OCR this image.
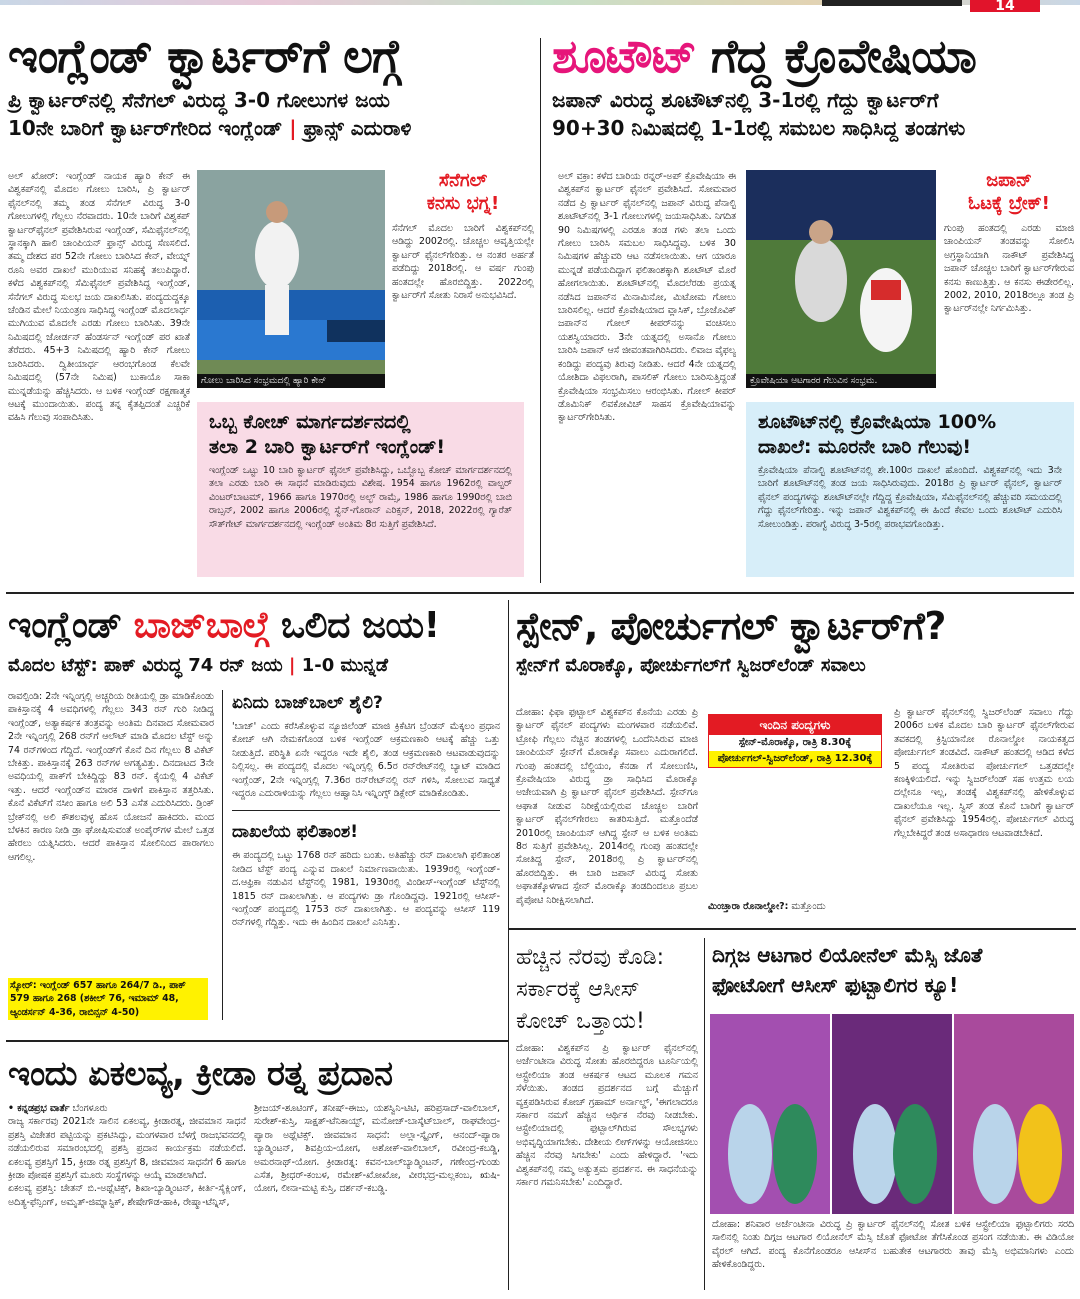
14
ಇಂಗ್ಲೆಂಡ್ ಕ್ವಾರ್ಟರ್‌ಗೆ ಲಗ್ಗೆ
ಪ್ರಿ ಕ್ವಾರ್ಟರ್‌ನಲ್ಲಿ ಸೆನೆಗಲ್ ವಿರುದ್ಧ 3-0 ಗೋಲುಗಳ ಜಯ
10ನೇ ಬಾರಿಗೆ ಕ್ವಾರ್ಟರ್‌ಗೇರಿದ ಇಂಗ್ಲೆಂಡ್ | ಫ್ರಾನ್ಸ್ ಎದುರಾಳಿ

ಅಲ್ ಖೋರ್: ಇಂಗ್ಲೆಂಡ್ ನಾಯಕ ಹ್ಯಾರಿ ಕೇನ್ ಈ ವಿಶ್ವಕಪ್‌ನಲ್ಲಿ ಮೊದಲ ಗೋಲು ಬಾರಿಸಿ, ಪ್ರಿ ಕ್ವಾರ್ಟರ್ ಫೈನಲ್‌ನಲ್ಲಿ ತಮ್ಮ ತಂಡ ಸೆನೆಗಲ್ ವಿರುದ್ಧ 3-0 ಗೋಲುಗಳಲ್ಲಿ ಗೆಲ್ಲಲು ನೆರವಾದರು. 10ನೇ ಬಾರಿಗೆ ವಿಶ್ವಕಪ್ ಕ್ವಾರ್ಟರ್‌ಫೈನಲ್ ಪ್ರವೇಶಿಸಿರುವ ಇಂಗ್ಲೆಂಡ್, ಸೆಮಿಫೈನಲ್‌ನಲ್ಲಿ ಸ್ಥಾನಕ್ಕಾಗಿ ಹಾಲಿ ಚಾಂಪಿಯನ್ ಫ್ರಾನ್ಸ್ ವಿರುದ್ಧ ಸೆಣಸಲಿದೆ. ತಮ್ಮ ದೇಶದ ಪರ 52ನೇ ಗೋಲು ಬಾರಿಸಿದ ಕೇನ್, ವೇಯ್ನ್ ರೂನಿ ಅವರ ದಾಖಲೆ ಮುರಿಯುವ ಸನಿಹಕ್ಕೆ ತಲುಪಿದ್ದಾರೆ. ಕಳೆದ ವಿಶ್ವಕಪ್‌ನಲ್ಲಿ ಸೆಮಿಫೈನಲ್ ಪ್ರವೇಶಿಸಿದ್ದ ಇಂಗ್ಲೆಂಡ್, ಸೆನೆಗಲ್ ವಿರುದ್ಧ ಸುಲಭ ಜಯ ದಾಖಲಿಸಿತು. ಪಂದ್ಯದುದ್ದಕ್ಕೂ ಚೆಂಡಿನ ಮೇಲೆ ನಿಯಂತ್ರಣ ಸಾಧಿಸಿದ್ದ ಇಂಗ್ಲೆಂಡ್ ಮೊದಲಾರ್ಧ ಮುಗಿಯುವ ಮೊದಲೇ ಎರಡು ಗೋಲು ಬಾರಿಸಿತು. 39ನೇ ನಿಮಿಷದಲ್ಲಿ ಜೋರ್ಡನ್ ಹೆಂಡರ್ಸನ್ ಇಂಗ್ಲೆಂಡ್ ಪರ ಖಾತೆ ತೆರೆದರು. 45+3 ನಿಮಿಷದಲ್ಲಿ ಹ್ಯಾರಿ ಕೇನ್ ಗೋಲು ಬಾರಿಸಿದರು. ದ್ವಿತೀಯಾರ್ಧ ಆರಂಭಗೊಂಡ ಕೆಲವೇ ನಿಮಿಷದಲ್ಲಿ (57ನೇ ನಿಮಿಷ) ಬುಕಾಯೊ ಸಾಕಾ ಮುನ್ನಡೆಯನ್ನು ಹೆಚ್ಚಿಸಿದರು. ಆ ಬಳಿಕ ಇಂಗ್ಲೆಂಡ್ ರಕ್ಷಣಾತ್ಮಕ ಆಟಕ್ಕೆ ಮುಂದಾಯಿತು. ಪಂದ್ಯ ತನ್ನ ಕೈತಪ್ಪಿದಂತೆ ಎಚ್ಚರಿಕೆ ವಹಿಸಿ ಗೆಲುವು ಸಂಪಾದಿಸಿತು.

ಗೋಲು ಬಾರಿಸಿದ ಸಂಭ್ರಮದಲ್ಲಿ ಹ್ಯಾರಿ ಕೇನ್
ಸೆನೆಗಲ್
ಕನಸು ಭಗ್ನ!

ಸೆನೆಗಲ್ ಮೊದಲ ಬಾರಿಗೆ ವಿಶ್ವಕಪ್‌ನಲ್ಲಿ ಆಡಿದ್ದು 2002ರಲ್ಲಿ. ಚೊಚ್ಚಲ ಆವೃತ್ತಿಯಲ್ಲೇ ಕ್ವಾರ್ಟರ್ ಫೈನಲ್‌ಗೇರಿತ್ತು. ಆ ನಂತರ ಅರ್ಹತೆ ಪಡೆದಿದ್ದು 2018ರಲ್ಲಿ. ಆ ವರ್ಷ ಗುಂಪು ಹಂತದಲ್ಲೇ ಹೊರಬಿದ್ದಿತ್ತು. 2022ರಲ್ಲಿ ಕ್ವಾರ್ಟರ್‌ಗೆ ಸೋತು ನಿರಾಸೆ ಅನುಭವಿಸಿದೆ.

ಒಬ್ಬ ಕೋಚ್ ಮಾರ್ಗದರ್ಶನದಲ್ಲಿ
ತಲಾ 2 ಬಾರಿ ಕ್ವಾರ್ಟರ್‌ಗೆ ಇಂಗ್ಲೆಂಡ್!

ಇಂಗ್ಲೆಂಡ್ ಒಟ್ಟು 10 ಬಾರಿ ಕ್ವಾರ್ಟರ್ ಫೈನಲ್ ಪ್ರವೇಶಿಸಿದ್ದು, ಒಬ್ಬೊಬ್ಬ ಕೋಚ್ ಮಾರ್ಗದರ್ಶನದಲ್ಲಿ ತಲಾ ಎರಡು ಬಾರಿ ಈ ಸಾಧನೆ ಮಾಡಿರುವುದು ವಿಶೇಷ. 1954 ಹಾಗೂ 1962ರಲ್ಲಿ ವಾಲ್ಟರ್ ವಿಂಟರ್‌ಬಾಟಮ್, 1966 ಹಾಗೂ 1970ರಲ್ಲಿ ಅಲ್ಫ್ ರಾಮ್ಸೆ, 1986 ಹಾಗೂ 1990ರಲ್ಲಿ ಬಾಬಿ ರಾಬ್ಸನ್, 2002 ಹಾಗೂ 2006ರಲ್ಲಿ ಸ್ವೆನ್-ಗೊರಾನ್ ಎರಿಕ್ಸನ್, 2018, 2022ರಲ್ಲಿ ಗ್ಯಾರೆತ್ ಸೌತ್‌ಗೇಟ್ ಮಾರ್ಗದರ್ಶನದಲ್ಲಿ ಇಂಗ್ಲೆಂಡ್ ಅಂತಿಮ 8ರ ಸುತ್ತಿಗೆ ಪ್ರವೇಶಿಸಿದೆ.

ಶೂಟೌಟ್ ಗೆದ್ದ ಕ್ರೊವೇಷಿಯಾ
ಜಪಾನ್ ವಿರುದ್ಧ ಶೂಟೌಟ್‌ನಲ್ಲಿ 3-1ರಲ್ಲಿ ಗೆದ್ದು ಕ್ವಾರ್ಟರ್‌ಗೆ
90+30 ನಿಮಿಷದಲ್ಲಿ 1-1ರಲ್ಲಿ ಸಮಬಲ ಸಾಧಿಸಿದ್ದ ತಂಡಗಳು

ಅಲ್ ವಕ್ರಾ: ಕಳೆದ ಬಾರಿಯ ರನ್ನರ್-ಅಪ್ ಕ್ರೊವೇಷಿಯಾ ಈ ವಿಶ್ವಕಪ್‌ನ ಕ್ವಾರ್ಟರ್ ಫೈನಲ್ ಪ್ರವೇಶಿಸಿದೆ. ಸೋಮವಾರ ನಡೆದ ಪ್ರಿ ಕ್ವಾರ್ಟರ್ ಫೈನಲ್‌ನಲ್ಲಿ ಜಪಾನ್ ವಿರುದ್ಧ ಪೆನಾಲ್ಟಿ ಶೂಟೌಟ್‌ನಲ್ಲಿ 3-1 ಗೋಲುಗಳಲ್ಲಿ ಜಯಸಾಧಿಸಿತು. ನಿಗದಿತ 90 ನಿಮಿಷಗಳಲ್ಲಿ ಎರಡೂ ತಂಡ ಗಳು ತಲಾ ಒಂದು ಗೋಲು ಬಾರಿಸಿ ಸಮಬಲ ಸಾಧಿಸಿದ್ದವು. ಬಳಿಕ 30 ನಿಮಿಷಗಳ ಹೆಚ್ಚುವರಿ ಆಟ ನಡೆಸಲಾಯಿತು. ಆಗ ಯಾರೂ ಮುನ್ನಡೆ ಪಡೆಯದಿದ್ದಾಗ ಫಲಿತಾಂಶಕ್ಕಾಗಿ ಶೂಟೌಟ್ ಮೊರೆ ಹೋಗಲಾಯಿತು. ಶೂಟೌಟ್‌ನಲ್ಲಿ ಮೊದಲೆರಡು ಪ್ರಯತ್ನ ನಡೆಸಿದ ಜಪಾನ್‌ನ ಮಿನಾಮಿನೋ, ಮಿಟೋಮ ಗೋಲು ಬಾರಿಸಲಿಲ್ಲ. ಆದರೆ ಕ್ರೊವೇಷಿಯಾದ ವ್ಲಾಸಿಕ್, ಬ್ರೊಜೊವಿಕ್ ಜಪಾನ್‌ನ ಗೋಲ್ ಕೀಪರ್‌ನನ್ನು ವಂಚಿಸಲು ಯಶಸ್ವಿಯಾದರು. 3ನೇ ಯತ್ನದಲ್ಲಿ ಅಸಾನೊ ಗೋಲು ಬಾರಿಸಿ ಜಪಾನ್ ಆಸೆ ಜೀವಂತವಾಗಿರಿಸಿದರು. ಲಿವಾಜ ವೈಫಲ್ಯ ಕಂಡಿದ್ದು ಪಂದ್ಯವು ತಿರುವು ನೀಡಿತು. ಆದರೆ 4ನೇ ಯತ್ನದಲ್ಲಿ ಯೋಶಿದಾ ವಿಫಲರಾಗಿ, ಪಾಸಲಿಕ್ ಗೋಲು ಬಾರಿಸುತ್ತಿದ್ದಂತೆ ಕ್ರೊವೇಷಿಯಾ ಸಂಭ್ರಮಿಸಲು ಆರಂಭಿಸಿತು. ಗೋಲ್ ಕೀಪರ್ ಡೊಮಿನಿಕ್ ಲಿವಕೋವಿಚ್ ಸಾಹಸ ಕ್ರೊವೇಷಿಯಾವನ್ನು ಕ್ವಾರ್ಟರ್‌ಗೇರಿಸಿತು.

ಕ್ರೊವೇಷಿಯಾ ಆಟಗಾರರ ಗೆಲುವಿನ ಸಂಭ್ರಮ.
ಜಪಾನ್
ಓಟಕ್ಕೆ ಬ್ರೇಕ್!

ಗುಂಪು ಹಂತದಲ್ಲಿ ಎರಡು ಮಾಜಿ ಚಾಂಪಿಯನ್ ತಂಡವನ್ನು ಸೋಲಿಸಿ ಅಗ್ರಸ್ಥಾನಿಯಾಗಿ ನಾಕೌಟ್ ಪ್ರವೇಶಿಸಿದ್ದ ಜಪಾನ್ ಚೊಚ್ಚಲ ಬಾರಿಗೆ ಕ್ವಾರ್ಟರ್‌ಗೇರುವ ಕನಸು ಕಾಣುತ್ತಿತ್ತು. ಆ ಕನಸು ಈಡೇರಲಿಲ್ಲ. 2002, 2010, 2018ರಲ್ಲೂ ತಂಡ ಪ್ರಿ ಕ್ವಾರ್ಟರ್‌ನಲ್ಲೇ ನಿರ್ಗಮಿಸಿತ್ತು.

ಶೂಟೌಟ್‌ನಲ್ಲಿ ಕ್ರೊವೇಷಿಯಾ 100%
ದಾಖಲೆ: ಮೂರನೇ ಬಾರಿ ಗೆಲುವು!

ಕ್ರೊವೇಷಿಯಾ ಪೆನಾಲ್ಟಿ ಶೂಟೌಟ್‌ನಲ್ಲಿ ಶೇ.100ರ ದಾಖಲೆ ಹೊಂದಿದೆ. ವಿಶ್ವಕಪ್‌ನಲ್ಲಿ ಇದು 3ನೇ ಬಾರಿಗೆ ಶೂಟೌಟ್‌ನಲ್ಲಿ ತಂಡ ಜಯ ಸಾಧಿಸಿರುವುದು. 2018ರ ಪ್ರಿ ಕ್ವಾರ್ಟರ್ ಫೈನಲ್, ಕ್ವಾರ್ಟರ್ ಫೈನಲ್ ಪಂದ್ಯಗಳನ್ನು ಶೂಟೌಟ್‌ನಲ್ಲೇ ಗೆದ್ದಿದ್ದ ಕ್ರೊವೇಷಿಯಾ, ಸೆಮಿಫೈನಲ್‌ನಲ್ಲಿ ಹೆಚ್ಚುವರಿ ಸಮಯದಲ್ಲಿ ಗೆದ್ದು ಫೈನಲ್‌ಗೇರಿತ್ತು. ಇನ್ನು ಜಪಾನ್ ವಿಶ್ವಕಪ್‌ನಲ್ಲಿ ಈ ಹಿಂದೆ ಕೇವಲ ಒಂದು ಶೂಟೌಟ್ ಎದುರಿಸಿ ಸೋಲುಂಡಿತ್ತು. ಪರಾಗ್ವೆ ವಿರುದ್ಧ 3-5ರಲ್ಲಿ ಪರಾಭವಗೊಂಡಿತ್ತು.

ಇಂಗ್ಲೆಂಡ್ ಬಾಜ್‌ಬಾಲ್ಗೆ ಒಲಿದ ಜಯ!
ಮೊದಲ ಟೆಸ್ಟ್: ಪಾಕ್ ವಿರುದ್ಧ 74 ರನ್ ಜಯ | 1-0 ಮುನ್ನಡೆ

ರಾವಲ್ಪಿಂಡಿ: 2ನೇ ಇನ್ನಿಂಗ್ಸಲ್ಲಿ ಅಚ್ಚರಿಯ ರೀತಿಯಲ್ಲಿ ಡ್ರಾ ಮಾಡಿಕೊಂಡು ಪಾಕಿಸ್ತಾನಕ್ಕೆ 4 ಅವಧಿಗಳಲ್ಲಿ ಗೆಲ್ಲಲು 343 ರನ್ ಗುರಿ ನೀಡಿದ್ದ ಇಂಗ್ಲೆಂಡ್, ಅತ್ಯಾಕರ್ಷಕ ತಂತ್ರವನ್ನು ಅಂತಿಮ ದಿನವಾದ ಸೋಮವಾರ 2ನೇ ಇನ್ನಿಂಗ್ಸಲ್ಲಿ 268 ರನ್‌ಗೆ ಆಲೌಟ್ ಮಾಡಿ ಮೊದಲ ಟೆಸ್ಟ್ ಅನ್ನು 74 ರನ್‌ಗಳಿಂದ ಗೆದ್ದಿದೆ. ಇಂಗ್ಲೆಂಡ್‌ಗೆ ಕೊನೆ ದಿನ ಗೆಲ್ಲಲು 8 ವಿಕೆಟ್ ಬೇಕಿತ್ತು. ಪಾಕಿಸ್ತಾನಕ್ಕೆ 263 ರನ್‌ಗಳ ಅಗತ್ಯವಿತ್ತು. ದಿನದಾಟದ 3ನೇ ಅವಧಿಯಲ್ಲಿ ಪಾಕ್‌ಗೆ ಬೇಕಿದ್ದಿದ್ದು 83 ರನ್. ಕೈಯಲ್ಲಿ 4 ವಿಕೆಟ್ ಇತ್ತು. ಆದರೆ ಇಂಗ್ಲೆಂಡ್‌ನ ಮಾರಕ ದಾಳಿಗೆ ಪಾಕಿಸ್ತಾನ ತತ್ತರಿಸಿತು. ಕೊನೆ ವಿಕೆಟ್‌ಗೆ ನಸೀಂ ಹಾಗೂ ಅಲಿ 53 ಎಸೆತ ಎದುರಿಸಿದರು. ಡ್ರಿಂಕ್ ಬ್ರೇಕ್‌ನಲ್ಲಿ ಅಲಿ ಕೌಶಲವುಳ್ಳ ಹೊಸ ಯೋಜನೆ ಹಾಕಿದರು. ಮಂದ ಬೆಳಕಿನ ಕಾರಣ ನೀಡಿ ಡ್ರಾ ಘೋಷಿಸುವಂತೆ ಅಂಪೈರ್‌ಗಳ ಮೇಲೆ ಒತ್ತಡ ಹೇರಲು ಯತ್ನಿಸಿದರು. ಆದರೆ ಪಾಕಿಸ್ತಾನ ಸೋಲಿನಿಂದ ಪಾರಾಗಲು ಆಗಲಿಲ್ಲ.

ಸ್ಕೋರ್: ಇಂಗ್ಲೆಂಡ್ 657 ಹಾಗೂ 264/7 ಡಿ., ಪಾಕ್ 579 ಹಾಗೂ 268 (ಶಕೀಲ್ 76, ಇಮಾಮ್ 48, ಆ್ಯಂಡರ್ಸನ್ 4-36, ರಾಬಿನ್ಸನ್ 4-50)
ಏನಿದು ಬಾಜ್‌ಬಾಲ್ ಶೈಲಿ?

'ಬಾಜ್' ಎಂದು ಕರೆಸಿಕೊಳ್ಳುವ ನ್ಯೂಜಿಲೆಂಡ್ ಮಾಜಿ ಕ್ರಿಕೆಟಿಗ ಬ್ರೆಂಡನ್ ಮೆಕ್ಕಲಂ ಪ್ರಧಾನ ಕೋಚ್ ಆಗಿ ನೇಮಕಗೊಂಡ ಬಳಿಕ ಇಂಗ್ಲೆಂಡ್ ಆಕ್ರಮಣಕಾರಿ ಆಟಕ್ಕೆ ಹೆಚ್ಚು ಒತ್ತು ನೀಡುತ್ತಿದೆ. ಪರಿಸ್ಥಿತಿ ಏನೇ ಇದ್ದರೂ ಇದೇ ಶೈಲಿ, ತಂಡ ಆಕ್ರಮಣಕಾರಿ ಆಟವಾಡುವುದನ್ನು ನಿಲ್ಲಿಸಲ್ಲ. ಈ ಪಂದ್ಯದಲ್ಲಿ ಮೊದಲ ಇನ್ನಿಂಗ್ಸಲ್ಲಿ 6.5ರ ರನ್‌ರೇಟ್‌ನಲ್ಲಿ ಬ್ಯಾಟ್ ಮಾಡಿದ ಇಂಗ್ಲೆಂಡ್, 2ನೇ ಇನ್ನಿಂಗ್ಸಲ್ಲಿ 7.36ರ ರನ್‌ರೇಟ್‌ನಲ್ಲಿ ರನ್ ಗಳಿಸಿ, ಸೋಲುವ ಸಾಧ್ಯತೆ ಇದ್ದರೂ ಎದುರಾಳಿಯನ್ನು ಗೆಲ್ಲಲು ಆಹ್ವಾನಿಸಿ ಇನ್ನಿಂಗ್ಸ್ ಡಿಕ್ಲೇರ್ ಮಾಡಿಕೊಂಡಿತು.

ದಾಖಲೆಯ ಫಲಿತಾಂಶ!

ಈ ಪಂದ್ಯದಲ್ಲಿ ಒಟ್ಟು 1768 ರನ್ ಹರಿದು ಬಂತು. ಅತಿಹೆಚ್ಚು ರನ್ ದಾಖಲಾಗಿ ಫಲಿತಾಂಶ ನೀಡಿದ ಟೆಸ್ಟ್ ಪಂದ್ಯ ಎನ್ನುವ ದಾಖಲೆ ನಿರ್ಮಾಣವಾಯಿತು. 1939ರಲ್ಲಿ ಇಂಗ್ಲೆಂಡ್-ದ.ಆಫ್ರಿಕಾ ನಡುವಿನ ಟೆಸ್ಟ್‌ನಲ್ಲಿ 1981, 1930ರಲ್ಲಿ ವಿಂಡೀಸ್-ಇಂಗ್ಲೆಂಡ್ ಟೆಸ್ಟ್‌ನಲ್ಲಿ 1815 ರನ್ ದಾಖಲಾಗಿತ್ತು. ಆ ಪಂದ್ಯಗಳು ಡ್ರಾ ಗೊಂಡಿದ್ದವು. 1921ರಲ್ಲಿ ಆಸೀಸ್-ಇಂಗ್ಲೆಂಡ್ ಪಂದ್ಯದಲ್ಲಿ 1753 ರನ್ ದಾಖಲಾಗಿತ್ತು. ಆ ಪಂದ್ಯವನ್ನು ಆಸೀಸ್ 119 ರನ್‌ಗಳಲ್ಲಿ ಗೆದ್ದಿತ್ತು. ಇದು ಈ ಹಿಂದಿನ ದಾಖಲೆ ಎನಿಸಿತ್ತು.

ಸ್ಪೇನ್, ಪೋರ್ಚುಗಲ್ ಕ್ವಾರ್ಟರ್‌ಗೆ?
ಸ್ಪೇನ್‌ಗೆ ಮೊರಾಕ್ಕೊ, ಪೋರ್ಚುಗಲ್‌ಗೆ ಸ್ವಿಜರ್‌ಲೆಂಡ್ ಸವಾಲು

ದೋಹಾ: ಫಿಫಾ ಫುಟ್ಬಾಲ್ ವಿಶ್ವಕಪ್‌ನ ಕೊನೆಯ ಎರಡು ಪ್ರಿ ಕ್ವಾರ್ಟರ್ ಫೈನಲ್ ಪಂದ್ಯಗಳು ಮಂಗಳವಾರ ನಡೆಯಲಿವೆ. ಟ್ರೋಫಿ ಗೆಲ್ಲಲು ನೆಚ್ಚಿನ ತಂಡಗಳಲ್ಲಿ ಒಂದೆನಿಸಿರುವ ಮಾಜಿ ಚಾಂಪಿಯನ್ ಸ್ಪೇನ್‌ಗೆ ಮೊರಾಕ್ಕೊ ಸವಾಲು ಎದುರಾಗಲಿದೆ. ಗುಂಪು ಹಂತದಲ್ಲಿ ಬೆಲ್ಜಿಯಂ, ಕೆನಡಾ ಗೆ ಸೋಲುಣಿಸಿ, ಕ್ರೊವೇಷಿಯಾ ವಿರುದ್ಧ ಡ್ರಾ ಸಾಧಿಸಿದ ಮೊರಾಕ್ಕೊ ಅಜೇಯವಾಗಿ ಪ್ರಿ ಕ್ವಾರ್ಟರ್ ಫೈನಲ್ ಪ್ರವೇಶಿಸಿದೆ. ಸ್ಪೇನ್‌ಗೂ ಆಘಾತ ನೀಡುವ ನಿರೀಕ್ಷೆಯಲ್ಲಿರುವ ಚೊಚ್ಚಲ ಬಾರಿಗೆ ಕ್ವಾರ್ಟರ್ ಫೈನಲ್‌ಗೇರಲು ಕಾತರಿಸುತ್ತಿದೆ. ಮತ್ತೊಂದೆಡೆ 2010ರಲ್ಲಿ ಚಾಂಪಿಯನ್ ಆಗಿದ್ದ ಸ್ಪೇನ್ ಆ ಬಳಿಕ ಅಂತಿಮ 8ರ ಸುತ್ತಿಗೆ ಪ್ರವೇಶಿಸಿಲ್ಲ. 2014ರಲ್ಲಿ ಗುಂಪು ಹಂತದಲ್ಲೇ ಸೋತಿದ್ದ ಸ್ಪೇನ್, 2018ರಲ್ಲಿ ಪ್ರಿ ಕ್ವಾರ್ಟರ್‌ನಲ್ಲಿ ಹೊರಬಿದ್ದಿತ್ತು. ಈ ಬಾರಿ ಜಪಾನ್ ವಿರುದ್ಧ ಸೋತು ಅಘಾತಕ್ಕೊಳಗಾದ ಸ್ಪೇನ್ ಮೊರಾಕ್ಕೊ ತಂಡದಿಂದಲೂ ಪ್ರಬಲ ಪೈಪೋಟಿ ನಿರೀಕ್ಷಿಸಲಾಗಿದೆ.

ಇಂದಿನ ಪಂದ್ಯಗಳು
ಸ್ಪೇನ್-ಮೊರಾಕ್ಕೊ, ರಾತ್ರಿ 8.30ಕ್ಕೆ
ಪೋರ್ಚುಗಲ್-ಸ್ವಿಜರ್‌ಲೆಂಡ್, ರಾತ್ರಿ 12.30ಕ್ಕೆ

ಪ್ರಿ ಕ್ವಾರ್ಟರ್ ಫೈನಲ್‌ನಲ್ಲಿ ಸ್ವಿಜರ್‌ಲೆಂಡ್ ಸವಾಲು ಗೆದ್ದು 2006ರ ಬಳಿಕ ಮೊದಲ ಬಾರಿ ಕ್ವಾರ್ಟರ್ ಫೈನಲ್‌ಗೇರುವ ತವಕದಲ್ಲಿ ಕ್ರಿಸ್ಟಿಯಾನೋ ರೊನಾಲ್ಡೋ ನಾಯಕತ್ವದ ಪೋರ್ಚುಗಲ್ ತಂಡವಿದೆ. ನಾಕೌಟ್ ಹಂತದಲ್ಲಿ ಆಡಿದ ಕಳೆದ 5 ಪಂದ್ಯ ಸೋತಿರುವ ಪೋರ್ಚುಗಲ್ ಒತ್ತಡದಲ್ಲೇ ಕಣಕ್ಕಿಳಿಯಲಿದೆ. ಇನ್ನು ಸ್ವಿಜರ್‌ಲೆಂಡ್ ಸಹ ಉತ್ತಮ ಲಯ ದಲ್ಲೇನೂ ಇಲ್ಲ, ತಂಡಕ್ಕೆ ವಿಶ್ವಕಪ್‌ನಲ್ಲಿ ಹೇಳಿಕೊಳ್ಳುವ ದಾಖಲೆಯೂ ಇಲ್ಲ. ಸ್ವಿಸ್ ತಂಡ ಕೊನೆ ಬಾರಿಗೆ ಕ್ವಾರ್ಟರ್ ಫೈನಲ್ ಪ್ರವೇಶಿಸಿದ್ದು 1954ರಲ್ಲಿ. ಪೋರ್ಚುಗಲ್ ವಿರುದ್ಧ ಗೆಲ್ಲಬೇಕಿದ್ದರೆ ತಂಡ ಅಸಾಧಾರಣ ಆಟವಾಡಬೇಕಿದೆ.

ಮಿಂಚ್ತಾರಾ ರೊನಾಲ್ಡೋ?: ಮತ್ತೊಂದು
ಹೆಚ್ಚಿನ ನೆರವು ಕೊಡಿ:
ಸರ್ಕಾರಕ್ಕೆ ಆಸೀಸ್
ಕೋಚ್ ಒತ್ತಾಯ!

ದೋಹಾ: ವಿಶ್ವಕಪ್‌ನ ಪ್ರಿ ಕ್ವಾರ್ಟರ್ ಫೈನಲ್‌ನಲ್ಲಿ ಅರ್ಜೆಂಟೀನಾ ವಿರುದ್ಧ ಸೋತು ಹೊರಬಿದ್ದರೂ ಟೂರ್ನಿಯಲ್ಲಿ ಆಸ್ಟ್ರೇಲಿಯಾ ತಂಡ ಆಕರ್ಷಕ ಆಟದ ಮೂಲಕ ಗಮನ ಸೆಳೆಯಿತು. ತಂಡದ ಪ್ರದರ್ಶನದ ಬಗ್ಗೆ ಮೆಚ್ಚುಗೆ ವ್ಯಕ್ತಪಡಿಸಿರುವ ಕೋಚ್ ಗ್ರಹಾಮ್ ಅರ್ನಾಲ್ಡ್, 'ಈಗಲಾದರೂ ಸರ್ಕಾರ ನಮಗೆ ಹೆಚ್ಚಿನ ಆರ್ಥಿಕ ನೆರವು ನೀಡಬೇಕು. ಆಸ್ಟ್ರೇಲಿಯಾದಲ್ಲಿ ಫುಟ್ಬಾಲ್‌ಗಿರುವ ಸೌಲಭ್ಯಗಳು ಅಭಿವೃದ್ಧಿಯಾಗಬೇಕು. ದೇಶೀಯ ಲೀಗ್‌ಗಳನ್ನು ಆಯೋಜಿಸಲು ಹೆಚ್ಚಿನ ನೆರವು ಸಿಗಬೇಕು' ಎಂದು ಹೇಳಿದ್ದಾರೆ. 'ಇದು ವಿಶ್ವಕಪ್‌ನಲ್ಲಿ ನಮ್ಮ ಅತ್ಯುತ್ತಮ ಪ್ರದರ್ಶನ. ಈ ಸಾಧನೆಯನ್ನು ಸರ್ಕಾರ ಗಮನಿಸಬೇಕು' ಎಂದಿದ್ದಾರೆ.

ದಿಗ್ಗಜ ಆಟಗಾರ ಲಿಯೋನೆಲ್ ಮೆಸ್ಸಿ ಜೊತೆ
ಫೋಟೋಗೆ ಆಸೀಸ್ ಫುಟ್ಬಾಲಿಗರ ಕ್ಯೂ!

ದೋಹಾ: ಶನಿವಾರ ಅರ್ಜೆಂಟೀನಾ ವಿರುದ್ಧ ಪ್ರಿ ಕ್ವಾರ್ಟರ್ ಫೈನಲ್‌ನಲ್ಲಿ ಸೋತ ಬಳಿಕ ಆಸ್ಟ್ರೇಲಿಯಾ ಫುಟ್ಬಾಲಿಗರು ಸರದಿ ಸಾಲಿನಲ್ಲಿ ನಿಂತು ದಿಗ್ಗಜ ಆಟಗಾರ ಲಿಯೋನೆಲ್ ಮೆಸ್ಸಿ ಜೊತೆ ಫೋಟೋ ತೆಗೆಸಿಕೊಂಡ ಪ್ರಸಂಗ ನಡೆಯಿತು. ಈ ವಿಡಿಯೋ ವೈರಲ್ ಆಗಿದೆ. ಪಂದ್ಯ ಕೊನೆಗೊಂಡರೂ ಆಸೀಸ್‌ನ ಬಹುತೇಕ ಆಟಗಾರರು ತಾವು ಮೆಸ್ಸಿ ಅಭಿಮಾನಿಗಳು ಎಂದು ಹೇಳಿಕೊಂಡಿದ್ದರು.

ಇಂದು ಏಕಲವ್ಯ, ಕ್ರೀಡಾ ರತ್ನ ಪ್ರದಾನ
• ಕನ್ನಡಪ್ರಭ ವಾರ್ತೆ ಬೆಂಗಳೂರು

ರಾಜ್ಯ ಸರ್ಕಾರವು 2021ನೇ ಸಾಲಿನ ಏಕಲವ್ಯ, ಕ್ರೀಡಾರತ್ನ, ಜೀವಮಾನ ಸಾಧನೆ ಪ್ರಶಸ್ತಿ ವಿಜೇತರ ಪಟ್ಟಿಯನ್ನು ಪ್ರಕಟಿಸಿದ್ದು, ಮಂಗಳವಾರ ಬೆಳಗ್ಗೆ ರಾಜಭವನದಲ್ಲಿ ನಡೆಯಲಿರುವ ಸಮಾರಂಭದಲ್ಲಿ ಪ್ರಶಸ್ತಿ ಪ್ರದಾನ ಕಾರ್ಯಕ್ರಮ ನಡೆಯಲಿದೆ. ಏಕಲವ್ಯ ಪ್ರಶಸ್ತಿಗೆ 15, ಕ್ರೀಡಾ ರತ್ನ ಪ್ರಶಸ್ತಿಗೆ 8, ಜೀವಮಾನ ಸಾಧನೆಗೆ 6 ಹಾಗೂ ಕ್ರೀಡಾ ಪೋಷಕ ಪ್ರಶಸ್ತಿಗೆ ಮೂರು ಸಂಸ್ಥೆಗಳನ್ನು ಆಯ್ಕೆ ಮಾಡಲಾಗಿದೆ.

ಏಕಲವ್ಯ ಪ್ರಶಸ್ತಿ: ಚೇತನ್ ಬಿ.-ಅಥ್ಲೆಟಿಕ್ಸ್, ಶಿಖಾ-ಬ್ಯಾಡ್ಮಿಂಟನ್, ಕೀರ್ತಿ-ಸೈಕ್ಲಿಂಗ್, ಅದಿತ್ಯ-ಫೆನ್ಸಿಂಗ್, ಅಮೃತ್-ಜಿಮ್ನಾಸ್ಟಿಕ್, ಶೇಷೇಗೌಡ-ಹಾಕಿ, ರೇಷ್ಮಾ-ಟೆನ್ನಿಸ್,

ಶ್ರೀಜಯ್-ಶೂಟಿಂಗ್, ತನೀಷ್-ಈಜು, ಯಶಸ್ವಿನಿ-ಟಿಟಿ, ಹರಿಪ್ರಸಾದ್-ವಾಲಿಬಾಲ್, ಸುರೇಶ್-ಕುಸ್ತಿ, ಸಾಕ್ಷತ್-ಟೆನಿಕಾಯ್ಟ್, ಮನೋಜ್-ಬಾಸ್ಕೆಟ್‌ಬಾಲ್, ರಾಘವೇಂದ್ರ-ಪ್ಯಾರಾ ಅಥ್ಲೆಟಿಕ್ಸ್. ಜೀವಮಾನ ಸಾಧನೆ: ಅಲ್ಲಾ-ಸ್ಕೈಂಗ್, ಆನಂದ್-ಪ್ಯಾರಾ ಬ್ಯಾಡ್ಮಿಂಟನ್, ಶಿವಪ್ರಿಯ-ಯೋಗ, ಅಶೋಕ್-ವಾಲಿಬಾಲ್, ರವೀಂದ್ರ-ಕಬಡ್ಡಿ, ಅಮರನಾಥ್-ಯೋಗ. ಕ್ರೀಡಾರತ್ನ: ಕವನ-ಬಾಲ್‌ಬ್ಯಾಡ್ಮಿಂಟನ್, ಗಣೇಂದ್ರ-ಗುಂಡು ಎಸೆತ, ಶ್ರೀಧರ್-ಕಂಬಳ, ರಮೇಶ್-ಖೋಖೋ, ವೀರಭದ್ರ-ಮಲ್ಲಕಂಬ, ಋಷಿ-ಯೋಗ, ಲೀನಾ-ಮಟ್ಟಿ ಕುಸ್ತಿ, ದರ್ಶನ್-ಕಬಡ್ಡಿ.
